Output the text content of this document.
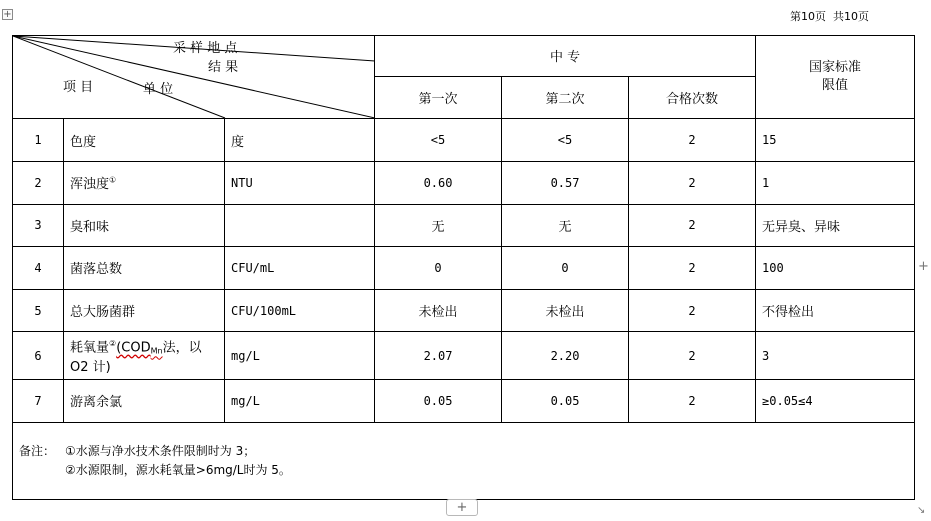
第10页  共10页
+
采 样 地 点
结 果
项 目 单 位			中 专			国家标准
限值
			第一次	第二次	合格次数	
1	色度	度	<5	<5	2	15
2	浑浊度①	NTU	0.60	0.57	2	1
3	臭和味		无	无	2	无异臭、异味
4	菌落总数	CFU/mL	0	0	2	100
5	总大肠菌群	CFU/100mL	未检出	未检出	2	不得检出
6	耗氧量②(CODMn法，以
O2 计)	mg/L	2.07	2.20	2	3
7	游离余氯	mg/L	0.05	0.05	2	≥0.05≤4
备注： ①水源与净水技术条件限制时为 3；
②水源限制，源水耗氧量>6mg/L时为 5。						
+
+
↘
